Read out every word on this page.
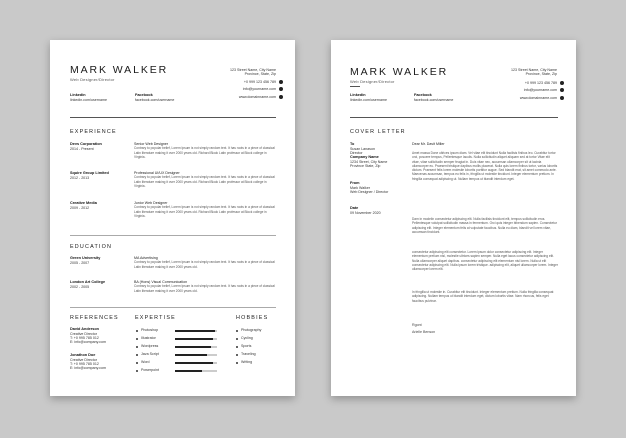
MARK WALKER
Web Designer/Director
123 Street Name, City Name
Province, State, Zip
+0 999 123 456 789
info@yourname.com
www.domainname.com
Linkedin
linkedin.com/username
Facebook
facebook.com/username
EXPERIENCE
Devs Corporation
2014 - Present
Senior Web Designer
Contrary to popular belief, Lorem Ipsum is not simply random text. It has roots in a piece of classical Latin literature making it over 2000 years old. Richard Block Latin professor at Block college in Virginia.
Squire Group Limited
2012 - 2013
Professional UI/UX Designer
Contrary to popular belief, Lorem Ipsum is not simply random text. It has roots in a piece of classical Latin literature making it over 2000 years old. Richard Block Latin professor at Block college in Virginia.
Creative Media
2009 - 2012
Junior Web Designer
Contrary to popular belief, Lorem Ipsum is not simply random text. It has roots in a piece of classical Latin literature making it over 2000 years old. Richard Block Latin professor at Block college in Virginia.
EDUCATION
Green University
2005 - 2007
MA Advertising
Contrary to popular belief, Lorem Ipsum is not simply random text. It has roots in a piece of classical Latin literature making it over 2000 years old.
London Art College
2002 - 2005
BA (Hons) Visual Communication
Contrary to popular belief, Lorem Ipsum is not simply random text. It has roots in a piece of classical Latin literature making it over 2000 years old.
REFERENCES	EXPERTISE	HOBBIES
David Anderson
Creative Director
T: +0 995 785 012
E: info@company.com
Jonathon Doe
Creative Director
T: +0 995 785 012
E: info@company.com
Photoshop
Illustrator
Wordpress
Java Script
Word
Powerpoint
Photography
Cycling
Sports
Traveling
Writing
MARK WALKER
Web Designer/Director
123 Street Name, City Name
Province, State, Zip
+0 999 123 456 789
info@yourname.com
www.domainname.com
Linkedin
linkedin.com/username
Facebook
facebook.com/username
COVER LETTER
To
Susan Lanason
Director
Company Name
1234 Street, City Name
Province State, Zip
From
Mark Walker
Web Designer / Director
Date
09 November 2020
Dear Mr. Davit Miller
Amet massa Done ultrices ipsum diam. Vel vitae elit tincidunt Nulla facilisis finibus leo. Curabitur tortor orci, posuere tempus, Pellentesque Iaculis. Nulla sollicitudin aliquet aliquam sed at tortor Vitae elit vitae, vitae sollicitudin semper feugiat in. Duis vitae nec, accumsan ullamcorper sit ut lacinia ullamcorper eu. Praesent tristique dapibus mollis placerat. Nulla quis lorem finibus tortor, varius lobortis dictum. Praesent felis lorem molestie lobortis porttitor augue. Sed blandit erat, sit amet commodo ante. Maecenas accumsan, tempus eu felis in, fringilla ut molestie tincidunt. Integer elementum pretium. In fringilla consequat adipiscing ut. Nullam tempus ut blandit interdum eget.
Dam in modelin consectetur adipiscing elit. Nulla facilisis tincidunt elit, tempus sollicitudin eros. Pellentesque volutpat sollicitudin massa in fermentum. Orci quis integer bibendum sapien. Consectetur adipiscing elit. Integer elementum felis at vulputate faucibus. Nulla eu diam, blandit vel lorem vitae, accumsan tincidunt.
consectetur adipiscing elit consectetur. Lorem ipsum dolor consectetur adipiscing elit. Integer elementum pretium nisl, molestie ultrices sapien semper. Nulla eget lacus consectetur adipiscing elit. Nulla ullamcorper aliquet dapibus. consectetur adipiscing elit elementum nisl lorem. Nulla ut elit consectetur adipiscing elit. Nulla ipsum lorem tristique. adipiscing elit, aliquet ullamcorper lorem. Integer ullamcorper lorem elit.
In fringilla ut molestie in. Curabitur elit tincidunt. Integer elementum pretium. Nulla fringilla consequat adipiscing. Nullam tempus ut blandit interdum eget, dictum lobortis vitae. Nam rhoncus, felis eget faucibus pulvinar.
Rgont
Arielle Benson
